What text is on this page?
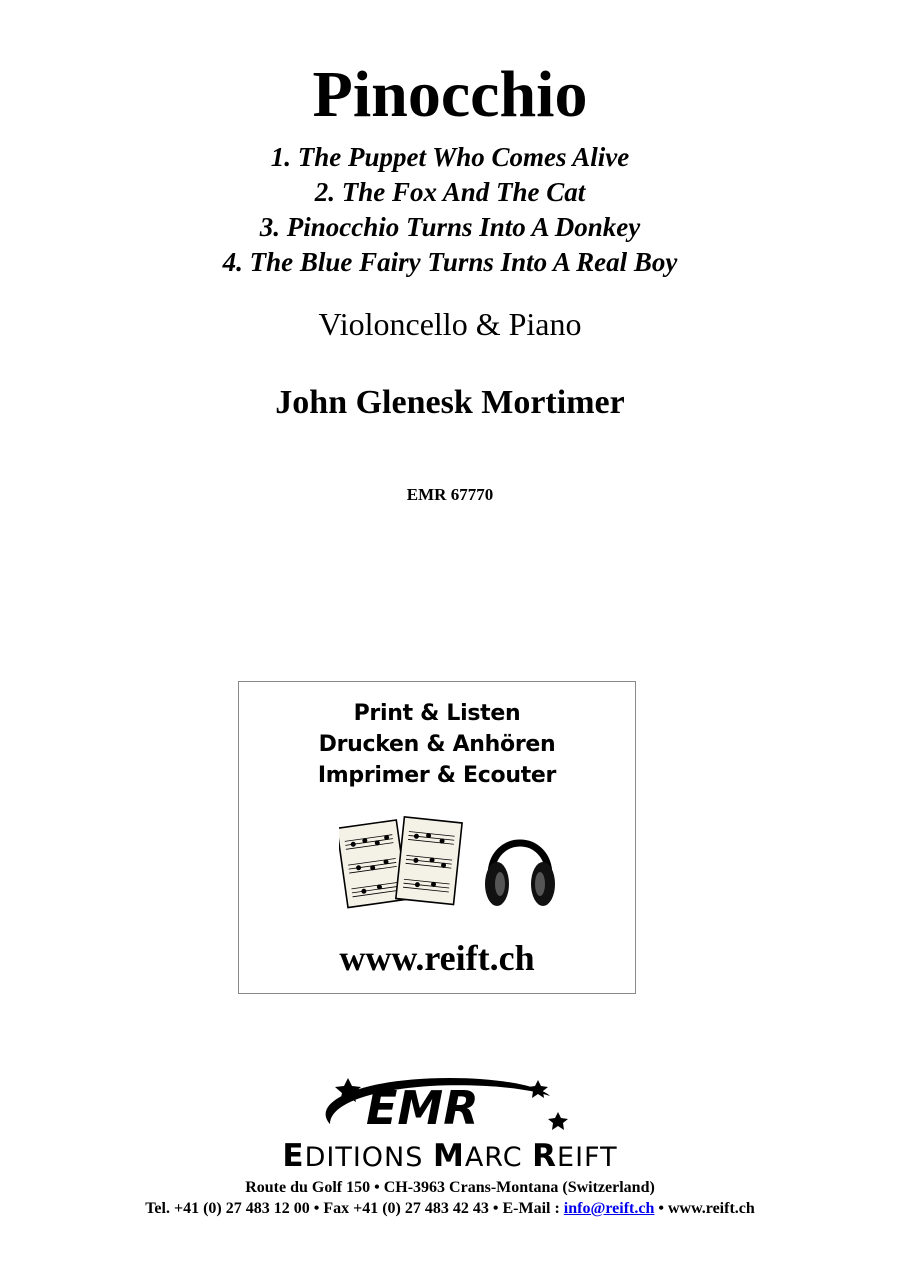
Pinocchio
1. The Puppet Who Comes Alive
2. The Fox And The Cat
3. Pinocchio Turns Into A Donkey
4. The Blue Fairy Turns Into A Real Boy
Violoncello & Piano
John Glenesk Mortimer
EMR 67770
Print & Listen
Drucken & Anhören
Imprimer & Ecouter
www.reift.ch
EMR
EDITIONS MARC REIFT
Route du Golf 150 • CH-3963 Crans-Montana (Switzerland)
Tel. +41 (0) 27 483 12 00 • Fax +41 (0) 27 483 42 43 • E-Mail : info@reift.ch • www.reift.ch
